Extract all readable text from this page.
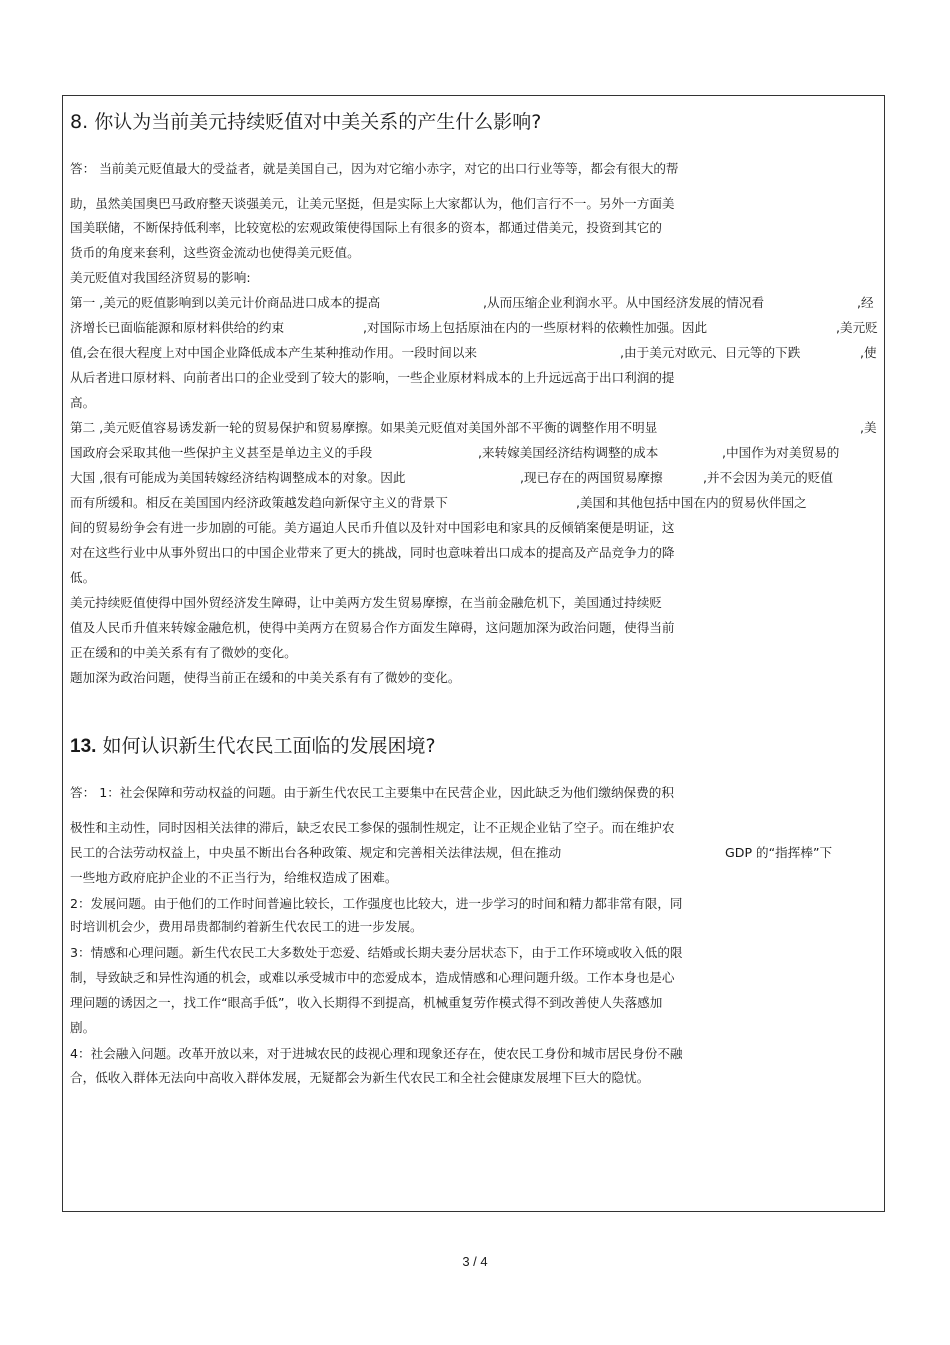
8. 你认为当前美元持续贬值对中美关系的产生什么影响?
答： 当前美元贬值最大的受益者，就是美国自己，因为对它缩小赤字，对它的出口行业等等，都会有很大的帮
助，虽然美国奥巴马政府整天谈强美元，让美元坚挺，但是实际上大家都认为，他们言行不一。另外一方面美
国美联储，不断保持低利率，比较宽松的宏观政策使得国际上有很多的资本，都通过借美元，投资到其它的
货币的角度来套利，这些资金流动也使得美元贬值。
美元贬值对我国经济贸易的影响:
第一 ,美元的贬值影响到以美元计价商品进口成本的提高	,从而压缩企业利润水平。从中国经济发展的情况看	,经
济增长已面临能源和原材料供给的约束	,对国际市场上包括原油在内的一些原材料的依赖性加强。因此	,美元贬
值,会在很大程度上对中国企业降低成本产生某种推动作用。一段时间以来	,由于美元对欧元、日元等的下跌	,使
从后者进口原材料、向前者出口的企业受到了较大的影响，一些企业原材料成本的上升远远高于出口利润的提
高。
第二 ,美元贬值容易诱发新一轮的贸易保护和贸易摩擦。如果美元贬值对美国外部不平衡的调整作用不明显	,美
国政府会采取其他一些保护主义甚至是单边主义的手段	,来转嫁美国经济结构调整的成本	,中国作为对美贸易的
大国 ,很有可能成为美国转嫁经济结构调整成本的对象。因此	,现已存在的两国贸易摩擦	,并不会因为美元的贬值
而有所缓和。相反在美国国内经济政策越发趋向新保守主义的背景下	,美国和其他包括中国在内的贸易伙伴国之
间的贸易纷争会有进一步加剧的可能。美方逼迫人民币升值以及针对中国彩电和家具的反倾销案便是明证，这
对在这些行业中从事外贸出口的中国企业带来了更大的挑战，同时也意味着出口成本的提高及产品竞争力的降
低。
美元持续贬值使得中国外贸经济发生障碍，让中美两方发生贸易摩擦，在当前金融危机下，美国通过持续贬
值及人民币升值来转嫁金融危机，使得中美两方在贸易合作方面发生障碍，这问题加深为政治问题，使得当前
正在缓和的中美关系有有了微妙的变化。
题加深为政治问题，使得当前正在缓和的中美关系有有了微妙的变化。
13. 如何认识新生代农民工面临的发展困境?
答： 1：社会保障和劳动权益的问题。由于新生代农民工主要集中在民营企业，因此缺乏为他们缴纳保费的积
极性和主动性，同时因相关法律的滞后，缺乏农民工参保的强制性规定，让不正规企业钻了空子。而在维护农
民工的合法劳动权益上，中央虽不断出台各种政策、规定和完善相关法律法规，但在推动	GDP 的“指挥棒”下
一些地方政府庇护企业的不正当行为，给维权造成了困难。
2：发展问题。由于他们的工作时间普遍比较长，工作强度也比较大，进一步学习的时间和精力都非常有限，同
时培训机会少，费用昂贵都制约着新生代农民工的进一步发展。
3：情感和心理问题。新生代农民工大多数处于恋爱、结婚或长期夫妻分居状态下，由于工作环境或收入低的限
制，导致缺乏和异性沟通的机会，或难以承受城市中的恋爱成本，造成情感和心理问题升级。工作本身也是心
理问题的诱因之一，找工作“眼高手低”，收入长期得不到提高，机械重复劳作模式得不到改善使人失落感加
剧。
4：社会融入问题。改革开放以来，对于进城农民的歧视心理和现象还存在，使农民工身份和城市居民身份不融
合，低收入群体无法向中高收入群体发展，无疑都会为新生代农民工和全社会健康发展埋下巨大的隐忧。
3 / 4
